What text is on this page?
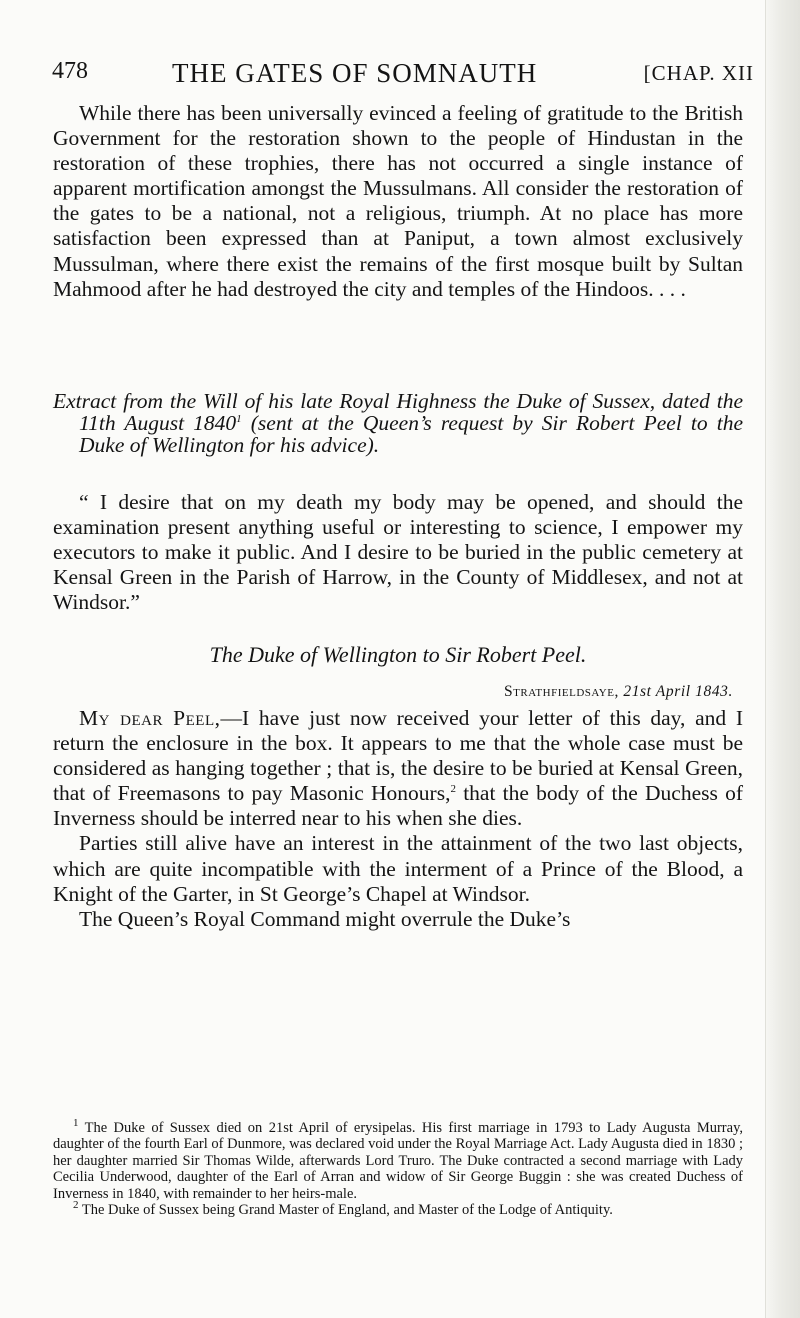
478	THE GATES OF SOMNAUTH	[CHAP. XII

While there has been universally evinced a feeling of gratitude to the British Government for the restoration shown to the people of Hindustan in the restoration of these trophies, there has not occurred a single instance of apparent mortification amongst the Mussulmans. All consider the restoration of the gates to be a national, not a religious, triumph. At no place has more satisfaction been expressed than at Paniput, a town almost exclusively Mussulman, where there exist the remains of the first mosque built by Sultan Mahmood after he had destroyed the city and temples of the Hindoos. . . .

Extract from the Will of his late Royal Highness the Duke of Sussex, dated the 11th August 1840$^1$ (sent at the Queen’s request by Sir Robert Peel to the Duke of Wellington for his advice).

“ I desire that on my death my body may be opened, and should the examination present anything useful or interesting to science, I empower my executors to make it public. And I desire to be buried in the public cemetery at Kensal Green in the Parish of Harrow, in the County of Middlesex, and not at Windsor.”

The Duke of Wellington to Sir Robert Peel.

Strathfieldsaye, 21st April 1843.

My dear Peel,—I have just now received your letter of this day, and I return the enclosure in the box. It appears to me that the whole case must be considered as hanging together ; that is, the desire to be buried at Kensal Green, that of Freemasons to pay Masonic Honours,$^2$ that the body of the Duchess of Inverness should be interred near to his when she dies.

Parties still alive have an interest in the attainment of the two last objects, which are quite incompatible with the interment of a Prince of the Blood, a Knight of the Garter, in St George’s Chapel at Windsor.

The Queen’s Royal Command might overrule the Duke’s

$^1$ The Duke of Sussex died on 21st April of erysipelas. His first marriage in 1793 to Lady Augusta Murray, daughter of the fourth Earl of Dunmore, was declared void under the Royal Marriage Act. Lady Augusta died in 1830 ; her daughter married Sir Thomas Wilde, afterwards Lord Truro. The Duke contracted a second marriage with Lady Cecilia Underwood, daughter of the Earl of Arran and widow of Sir George Buggin : she was created Duchess of Inverness in 1840, with remainder to her heirs-male.

$^2$ The Duke of Sussex being Grand Master of England, and Master of the Lodge of Antiquity.
